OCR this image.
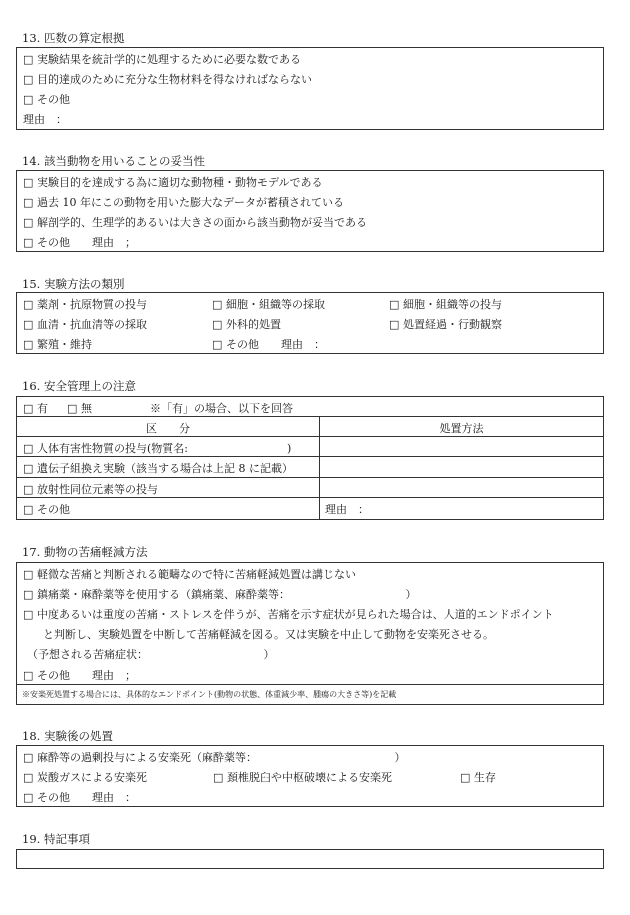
13. 匹数の算定根拠
□ 実験結果を統計学的に処理するために必要な数である
□ 目的達成のために充分な生物材料を得なければならない
□ その他
理由　：
14. 該当動物を用いることの妥当性
□ 実験目的を達成する為に適切な動物種・動物モデルである
□ 過去 10 年にこの動物を用いた膨大なデータが蓄積されている
□ 解剖学的、生理学的あるいは大きさの面から該当動物が妥当である
□ その他　　理由　；
15. 実験方法の類別
□ 薬剤・抗原物質の投与	□ 細胞・組織等の採取	□ 細胞・組織等の投与
□ 血清・抗血清等の採取	□ 外科的処置	□ 処置経過・行動観察
□ 繁殖・維持	□ その他　　理由　：
16. 安全管理上の注意
□ 有 □ 無	※「有」の場合、以下を回答
区　　分	処置方法
□ 人体有害性物質の投与(物質名:　　　　　　　　　)
□ 遺伝子組換え実験（該当する場合は上記 8 に記載）
□ 放射性同位元素等の投与
□ その他	理由　：
17. 動物の苦痛軽減方法
□ 軽微な苦痛と判断される範疇なので特に苦痛軽減処置は講じない
□ 鎮痛薬・麻酔薬等を使用する（鎮痛薬、麻酔薬等：　　　　　　　　　　　）
□ 中度あるいは重度の苦痛・ストレスを伴うが、苦痛を示す症状が見られた場合は、人道的エンドポイント
と判断し、実験処置を中断して苦痛軽減を図る。又は実験を中止して動物を安楽死させる。
（予想される苦痛症状：　　　　　　　　　　　）
□ その他　　理由　；
※安楽死処置する場合には、具体的なエンドポイント(動物の状態、体重減少率、腫瘍の大きさ等)を記載
18. 実験後の処置
□ 麻酔等の過剰投与による安楽死（麻酔薬等：　　　　　　　　　　　　　）
□ 炭酸ガスによる安楽死	□ 頚椎脱臼や中枢破壊による安楽死	□ 生存
□ その他　　理由　：
19. 特記事項
